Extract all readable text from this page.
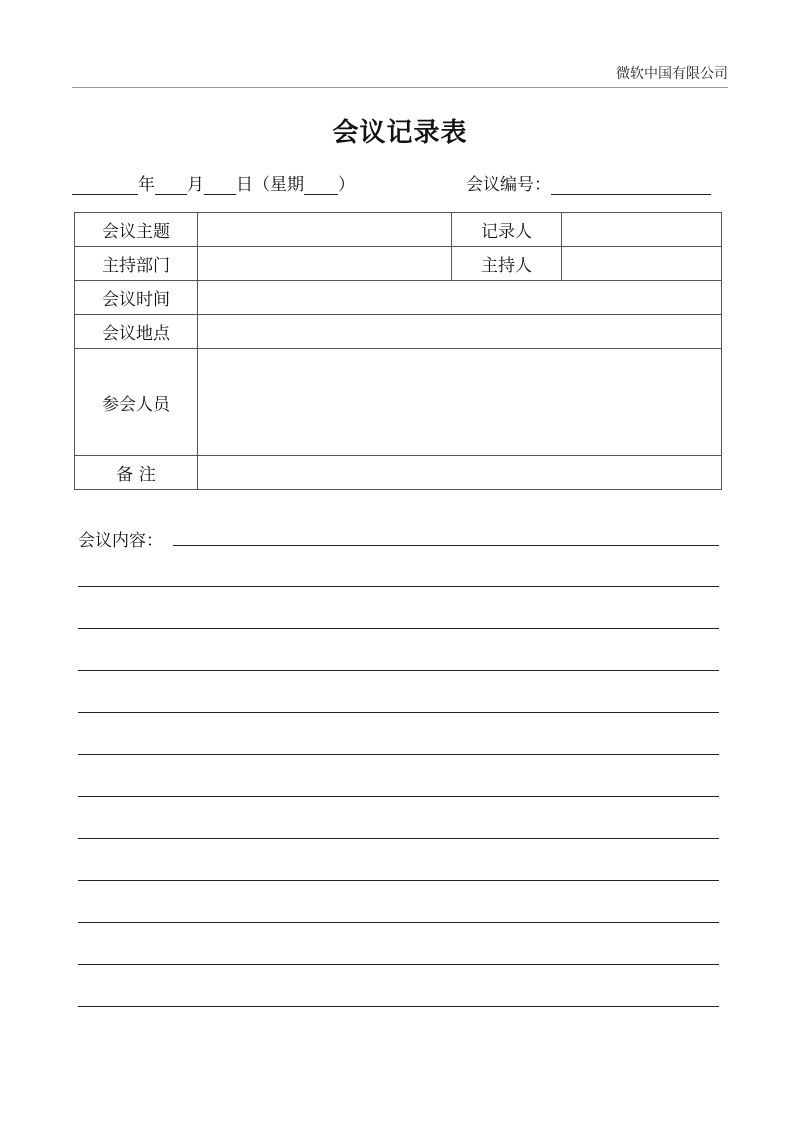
微软中国有限公司
会议记录表
年 月 日（星期 ）	会议编号：
会议主题		记录人	
主持部门		主持人	
会议时间			
会议地点			
参会人员			
备 注			
会议内容：
